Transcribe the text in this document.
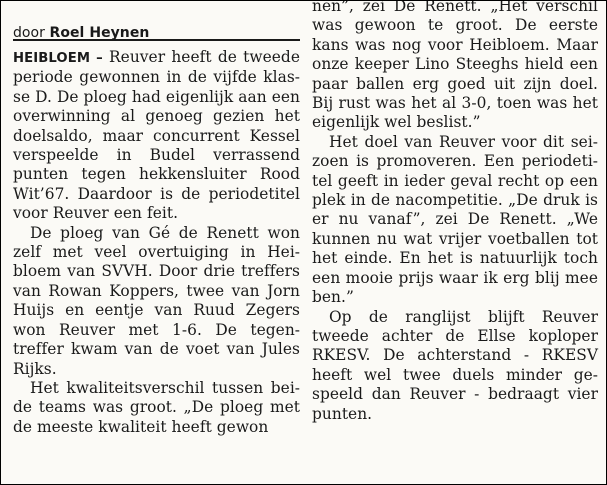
door Roel Heynen

HEIBLOEM – Reuver heeft de tweede periode gewonnen in de vijfde klasse D. De ploeg had eigenlijk aan een overwinning al genoeg gezien het doelsaldo, maar concurrent Kessel verspeelde in Budel verrassend punten tegen hekkensluiter Rood Wit’67. Daardoor is de periodetitel voor Reuver een feit.

De ploeg van Gé de Renett won zelf met veel overtuiging in Heibloem van SVVH. Door drie treffers van Rowan Koppers, twee van Jorn Huijs en eentje van Ruud Zegers won Reuver met 1-6. De tegentreffer kwam van de voet van Jules Rijks.

Het kwaliteitsverschil tussen beide teams was groot. „De ploeg met de meeste kwaliteit heeft gewon

nen”, zei De Renett. „Het verschil was gewoon te groot. De eerste kans was nog voor Heibloem. Maar onze keeper Lino Steeghs hield een paar ballen erg goed uit zijn doel. Bij rust was het al 3-0, toen was het eigenlijk wel beslist.”

Het doel van Reuver voor dit seizoen is promoveren. Een periodetitel geeft in ieder geval recht op een plek in de nacompetitie. „De druk is er nu vanaf”, zei De Renett. „We kunnen nu wat vrijer voetballen tot het einde. En het is natuurlijk toch een mooie prijs waar ik erg blij mee ben.”

Op de ranglijst blijft Reuver tweede achter de Ellse koploper RKESV. De achterstand - RKESV heeft wel twee duels minder gespeeld dan Reuver - bedraagt vier punten.
